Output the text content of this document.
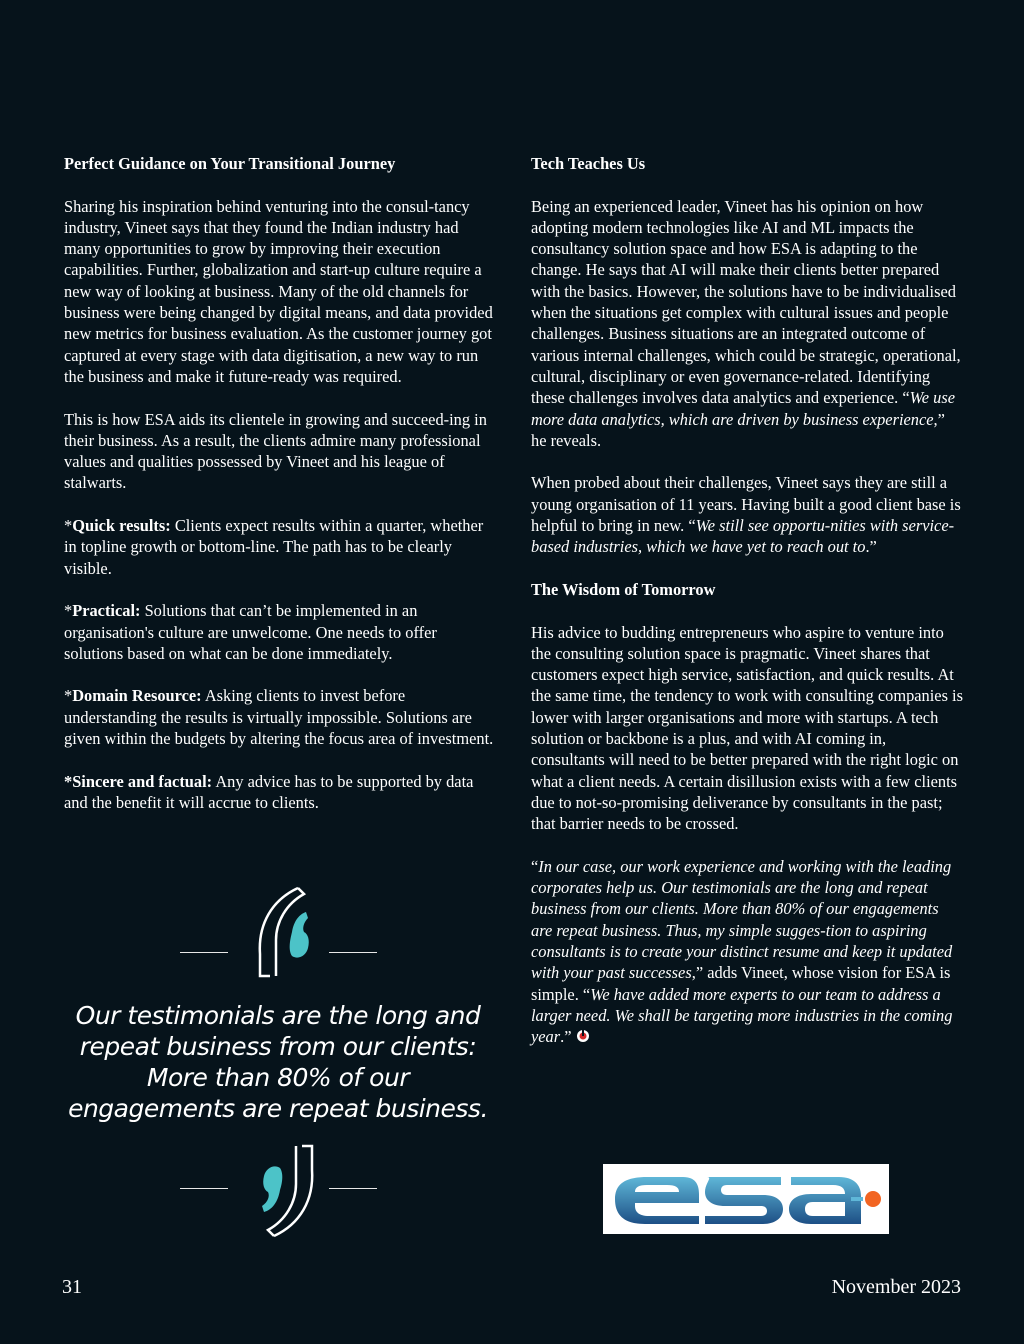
Perfect Guidance on Your Transitional Journey

Sharing his inspiration behind venturing into the consul-tancy industry, Vineet says that they found the Indian industry had many opportunities to grow by improving their execution capabilities. Further, globalization and start-up culture require a new way of looking at business. Many of the old channels for business were being changed by digital means, and data provided new metrics for business evaluation. As the customer journey got captured at every stage with data digitisation, a new way to run the business and make it future-ready was required.

This is how ESA aids its clientele in growing and succeed-ing in their business. As a result, the clients admire many professional values and qualities possessed by Vineet and his league of stalwarts.

*Quick results: Clients expect results within a quarter, whether in topline growth or bottom-line. The path has to be clearly visible.

*Practical: Solutions that can’t be implemented in an organisation's culture are unwelcome. One needs to offer solutions based on what can be done immediately.

*Domain Resource: Asking clients to invest before understanding the results is virtually impossible. Solutions are given within the budgets by altering the focus area of investment.

*Sincere and factual: Any advice has to be supported by data and the benefit it will accrue to clients.

Our testimonials are the long and repeat business from our clients: More than 80% of our engagements are repeat business.

Tech Teaches Us

Being an experienced leader, Vineet has his opinion on how adopting modern technologies like AI and ML impacts the consultancy solution space and how ESA is adapting to the change. He says that AI will make their clients better prepared with the basics. However, the solutions have to be individualised when the situations get complex with cultural issues and people challenges. Business situations are an integrated outcome of various internal challenges, which could be strategic, operational, cultural, disciplinary or even governance-related. Identifying these challenges involves data analytics and experience. “We use more data analytics, which are driven by business experience,” he reveals.

When probed about their challenges, Vineet says they are still a young organisation of 11 years. Having built a good client base is helpful to bring in new. “We still see opportu-nities with service-based industries, which we have yet to reach out to.”

The Wisdom of Tomorrow

His advice to budding entrepreneurs who aspire to venture into the consulting solution space is pragmatic. Vineet shares that customers expect high service, satisfaction, and quick results. At the same time, the tendency to work with consulting companies is lower with larger organisations and more with startups. A tech solution or backbone is a plus, and with AI coming in, consultants will need to be better prepared with the right logic on what a client needs. A certain disillusion exists with a few clients due to not-so-promising deliverance by consultants in the past; that barrier needs to be crossed.

“In our case, our work experience and working with the leading corporates help us. Our testimonials are the long and repeat business from our clients. More than 80% of our engagements are repeat business. Thus, my simple sugges-tion to aspiring consultants is to create your distinct resume and keep it updated with your past successes,” adds Vineet, whose vision for ESA is simple. “We have added more experts to our team to address a larger need. We shall be targeting more industries in the coming year.”

31	November 2023
